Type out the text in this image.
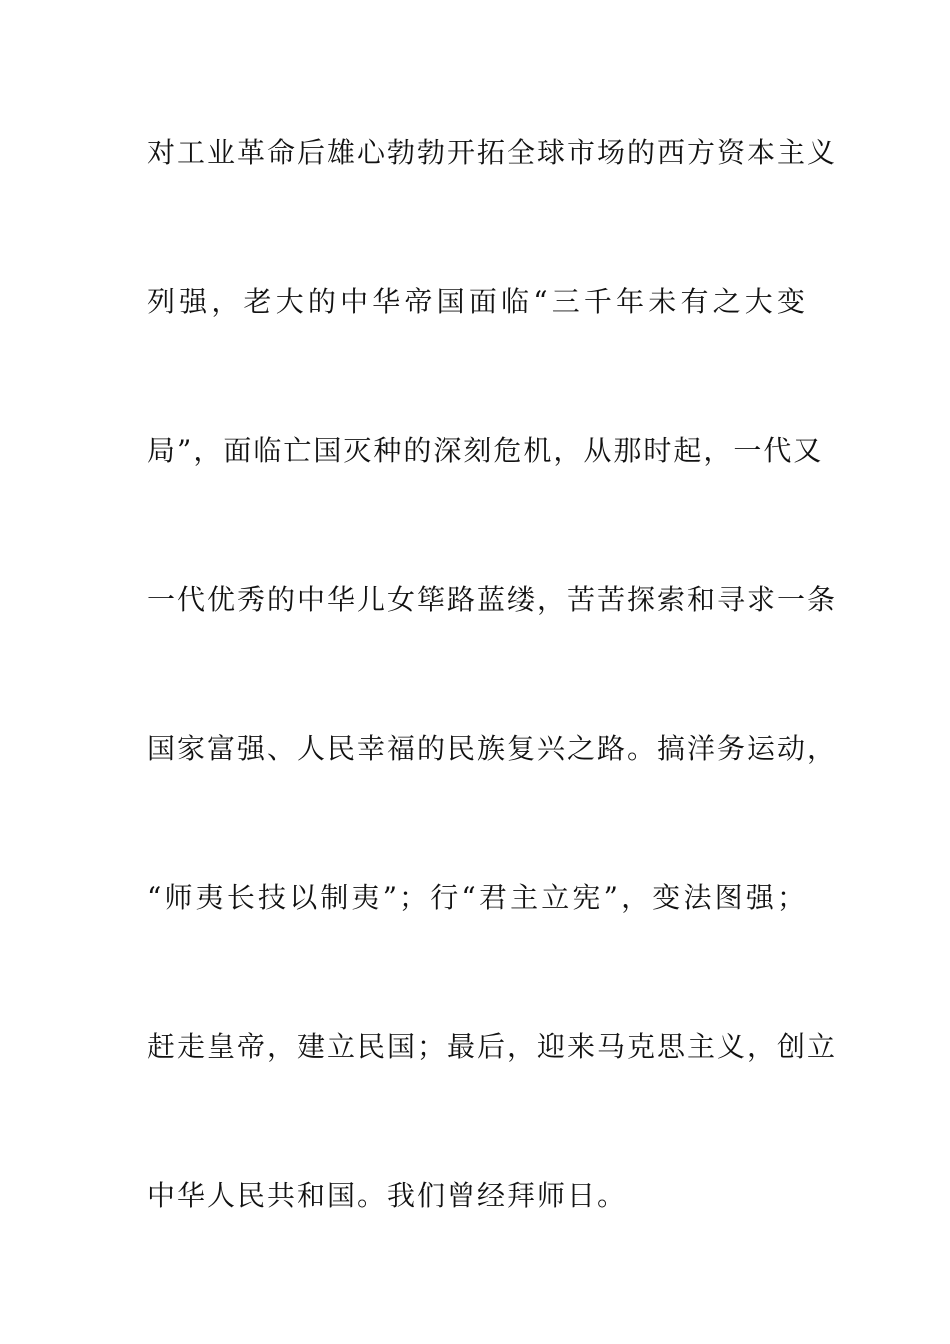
对工业革命后雄心勃勃开拓全球市场的西方资本主义
列强，老大的中华帝国面临“三千年未有之大变
局”，面临亡国灭种的深刻危机，从那时起，一代又
一代优秀的中华儿女筚路蓝缕，苦苦探索和寻求一条
国家富强、人民幸福的民族复兴之路。搞洋务运动，
“师夷长技以制夷”；行“君主立宪”，变法图强；
赶走皇帝，建立民国；最后，迎来马克思主义，创立
中华人民共和国。我们曾经拜师日。
